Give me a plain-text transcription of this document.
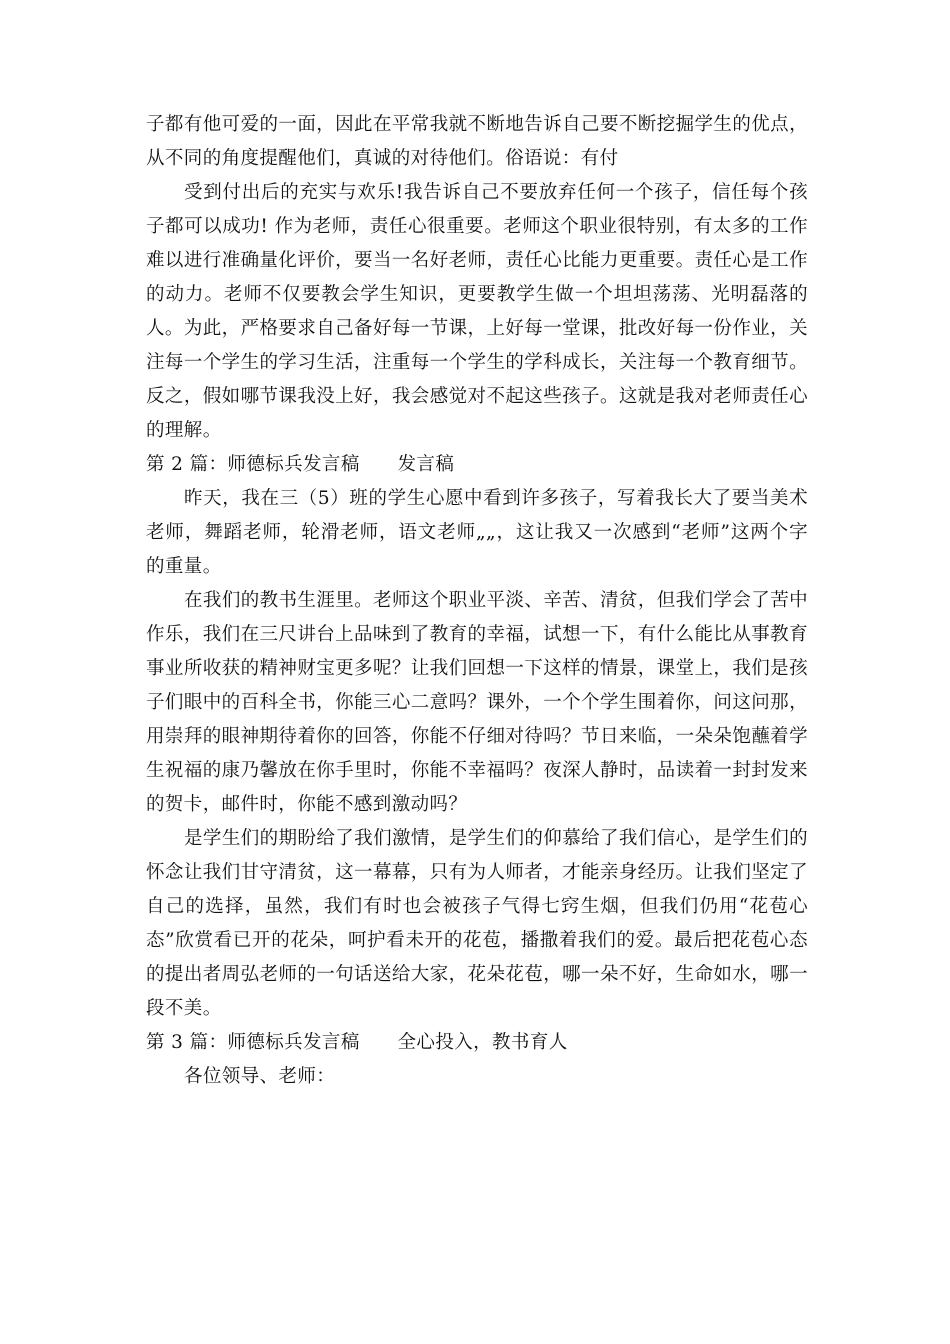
子都有他可爱的一面，因此在平常我就不断地告诉自己要不断挖掘学生的优点，从不同的角度提醒他们，真诚的对待他们。俗语说：有付

受到付出后的充实与欢乐!我告诉自己不要放弃任何一个孩子，信任每个孩子都可以成功! 作为老师，责任心很重要。老师这个职业很特别，有太多的工作难以进行准确量化评价，要当一名好老师，责任心比能力更重要。责任心是工作的动力。老师不仅要教会学生知识，更要教学生做一个坦坦荡荡、光明磊落的人。为此，严格要求自己备好每一节课，上好每一堂课，批改好每一份作业，关注每一个学生的学习生活，注重每一个学生的学科成长，关注每一个教育细节。反之，假如哪节课我没上好，我会感觉对不起这些孩子。这就是我对老师责任心的理解。

第 2 篇：师德标兵发言稿　　发言稿

昨天，我在三（5）班的学生心愿中看到许多孩子，写着我长大了要当美术老师，舞蹈老师，轮滑老师，语文老师„„，这让我又一次感到“老师”这两个字的重量。

在我们的教书生涯里。老师这个职业平淡、辛苦、清贫，但我们学会了苦中作乐，我们在三尺讲台上品味到了教育的幸福，试想一下，有什么能比从事教育事业所收获的精神财宝更多呢？让我们回想一下这样的情景，课堂上，我们是孩子们眼中的百科全书，你能三心二意吗？课外，一个个学生围着你，问这问那，用崇拜的眼神期待着你的回答，你能不仔细对待吗？节日来临，一朵朵饱蘸着学生祝福的康乃馨放在你手里时，你能不幸福吗？夜深人静时，品读着一封封发来的贺卡，邮件时，你能不感到激动吗？

是学生们的期盼给了我们激情，是学生们的仰慕给了我们信心，是学生们的怀念让我们甘守清贫，这一幕幕，只有为人师者，才能亲身经历。让我们坚定了自己的选择，虽然，我们有时也会被孩子气得七窍生烟，但我们仍用“花苞心态”欣赏看已开的花朵，呵护看未开的花苞，播撒着我们的爱。最后把花苞心态的提出者周弘老师的一句话送给大家，花朵花苞，哪一朵不好，生命如水，哪一段不美。

第 3 篇：师德标兵发言稿　　全心投入，教书育人

各位领导、老师：
